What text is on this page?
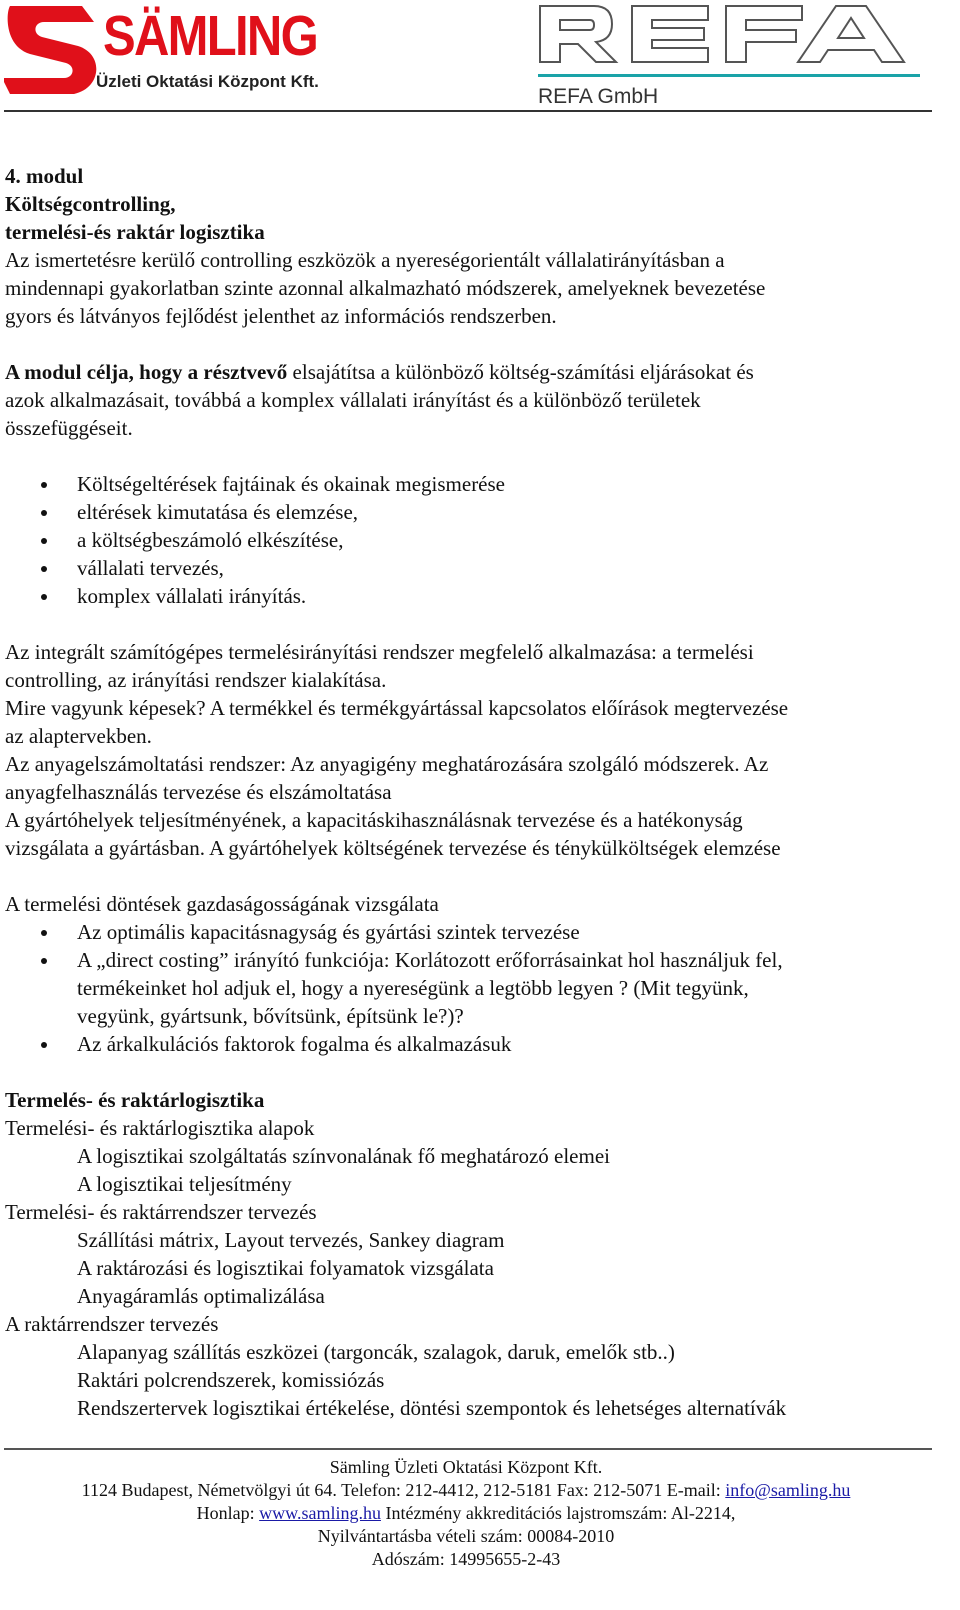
SÄMLING
Üzleti Oktatási Központ Kft.
REFA GmbH

4. modul

Költségcontrolling,

termelési-és raktár logisztika

Az ismertetésre kerülő controlling eszközök a nyereségorientált vállalatirányításban a

mindennapi gyakorlatban szinte azonnal alkalmazható módszerek, amelyeknek bevezetése

gyors és látványos fejlődést jelenthet az információs rendszerben.

A modul célja, hogy a résztvevő elsajátítsa a különböző költség-számítási eljárásokat és

azok alkalmazásait, továbbá a komplex vállalati irányítást és a különböző területek

összefüggéseit.

Költségeltérések fajtáinak és okainak megismerése
eltérések kimutatása és elemzése,
a költségbeszámoló elkészítése,
vállalati tervezés,
komplex vállalati irányítás.

Az integrált számítógépes termelésirányítási rendszer megfelelő alkalmazása: a termelési

controlling, az irányítási rendszer kialakítása.

Mire vagyunk képesek? A termékkel és termékgyártással kapcsolatos előírások megtervezése

az alaptervekben.

Az anyagelszámoltatási rendszer: Az anyagigény meghatározására szolgáló módszerek. Az

anyagfelhasználás tervezése és elszámoltatása

A gyártóhelyek teljesítményének, a kapacitáskihasználásnak tervezése és a hatékonyság

vizsgálata a gyártásban. A gyártóhelyek költségének tervezése és ténykülköltségek elemzése

A termelési döntések gazdaságosságának vizsgálata

Az optimális kapacitásnagyság és gyártási szintek tervezése
A „direct costing” irányító funkciója: Korlátozott erőforrásainkat hol használjuk fel,
termékeinket hol adjuk el, hogy a nyereségünk a legtöbb legyen ? (Mit tegyünk,
vegyünk, gyártsunk, bővítsünk, építsünk le?)?
Az árkalkulációs faktorok fogalma és alkalmazásuk

Termelés- és raktárlogisztika

Termelési- és raktárlogisztika alapok

A logisztikai szolgáltatás színvonalának fő meghatározó elemei

A logisztikai teljesítmény

Termelési- és raktárrendszer tervezés

Szállítási mátrix, Layout tervezés, Sankey diagram

A raktározási és logisztikai folyamatok vizsgálata

Anyagáramlás optimalizálása

A raktárrendszer tervezés

Alapanyag szállítás eszközei (targoncák, szalagok, daruk, emelők stb..)

Raktári polcrendszerek, komissiózás

Rendszertervek logisztikai értékelése, döntési szempontok és lehetséges alternatívák

Sämling Üzleti Oktatási Központ Kft.
1124 Budapest, Németvölgyi út 64. Telefon: 212-4412, 212-5181 Fax: 212-5071 E-mail: info@samling.hu
Honlap: www.samling.hu Intézmény akkreditációs lajstromszám: Al-2214,
Nyilvántartásba vételi szám: 00084-2010
Adószám: 14995655-2-43
